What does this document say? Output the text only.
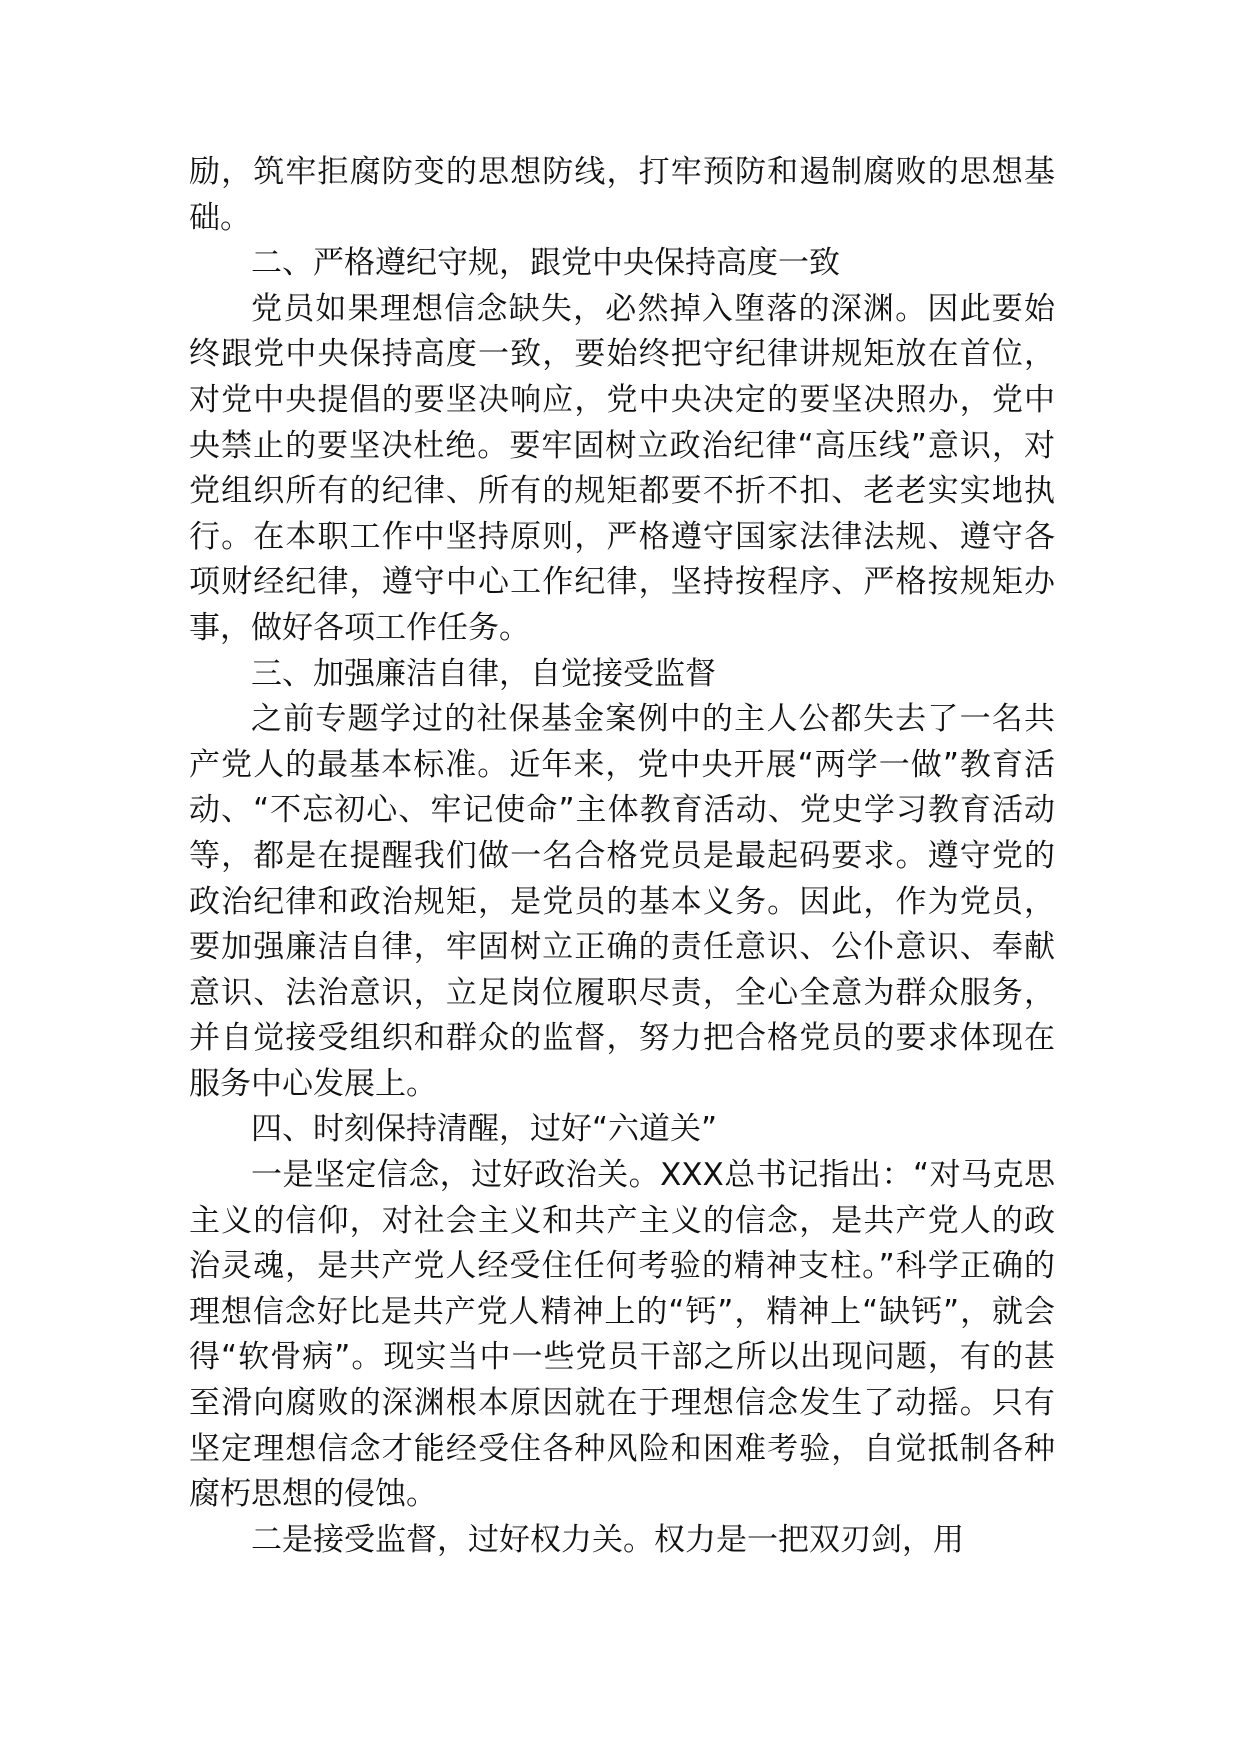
励，筑牢拒腐防变的思想防线，打牢预防和遏制腐败的思想基础。

二、严格遵纪守规，跟党中央保持高度一致

党员如果理想信念缺失，必然掉入堕落的深渊。因此要始终跟党中央保持高度一致，要始终把守纪律讲规矩放在首位，对党中央提倡的要坚决响应，党中央决定的要坚决照办，党中央禁止的要坚决杜绝。要牢固树立政治纪律“高压线”意识，对党组织所有的纪律、所有的规矩都要不折不扣、老老实实地执行。在本职工作中坚持原则，严格遵守国家法律法规、遵守各项财经纪律，遵守中心工作纪律，坚持按程序、严格按规矩办事，做好各项工作任务。

三、加强廉洁自律，自觉接受监督

之前专题学过的社保基金案例中的主人公都失去了一名共产党人的最基本标准。近年来，党中央开展“两学一做”教育活动、“不忘初心、牢记使命”主体教育活动、党史学习教育活动等，都是在提醒我们做一名合格党员是最起码要求。遵守党的政治纪律和政治规矩，是党员的基本义务。因此，作为党员，要加强廉洁自律，牢固树立正确的责任意识、公仆意识、奉献意识、法治意识，立足岗位履职尽责，全心全意为群众服务，并自觉接受组织和群众的监督，努力把合格党员的要求体现在服务中心发展上。

四、时刻保持清醒，过好“六道关”

一是坚定信念，过好政治关。XXX总书记指出：“对马克思主义的信仰，对社会主义和共产主义的信念，是共产党人的政治灵魂，是共产党人经受住任何考验的精神支柱。”科学正确的理想信念好比是共产党人精神上的“钙”，精神上“缺钙”，就会得“软骨病”。现实当中一些党员干部之所以出现问题，有的甚至滑向腐败的深渊根本原因就在于理想信念发生了动摇。只有坚定理想信念才能经受住各种风险和困难考验，自觉抵制各种腐朽思想的侵蚀。

二是接受监督，过好权力关。权力是一把双刃剑，用
